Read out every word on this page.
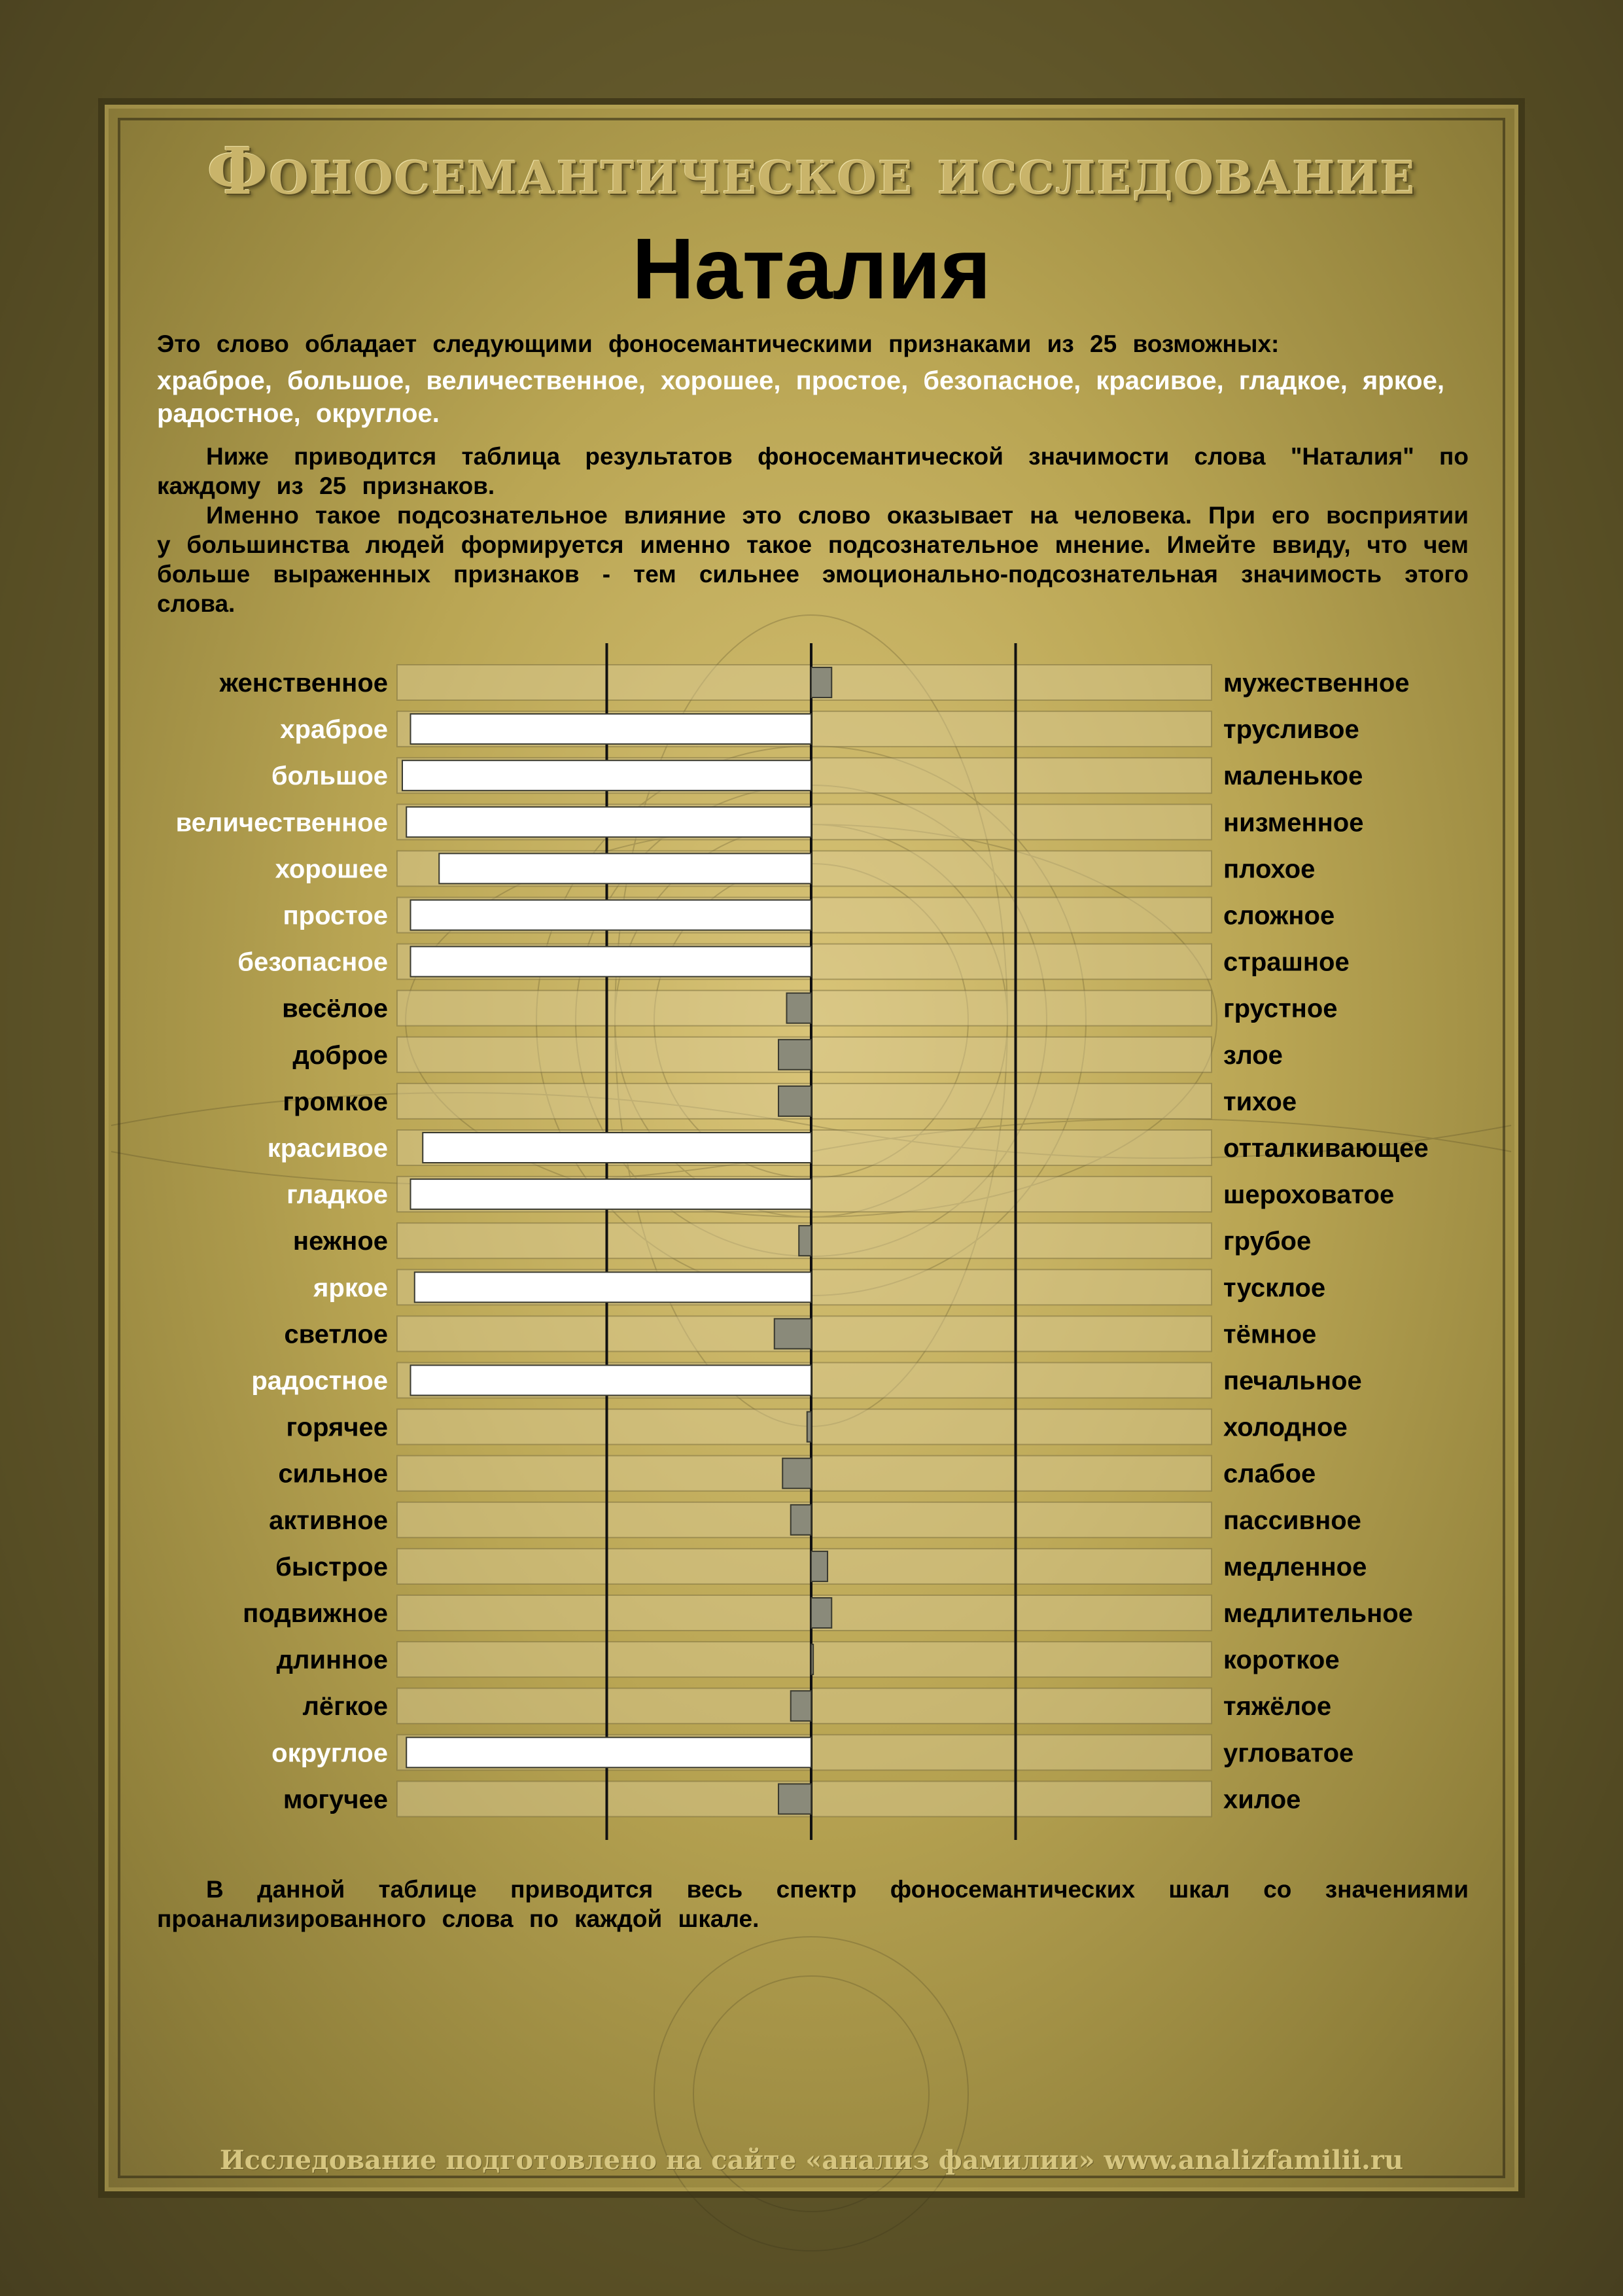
Фоносемантическое исследование
Наталия

Это слово обладает следующими фоносемантическими признаками из 25 возможных:

храброе, большое, величественное, хорошее, простое, безопасное, красивое, гладкое, яркое, радостное, округлое.

Ниже приводится таблица результатов фоносемантической значимости слова "Наталия" по каждому из 25 признаков.

Именно такое подсознательное влияние это слово оказывает на человека. При его восприятии у большинства людей формируется именно такое подсознательное мнение. Имейте ввиду, что чем больше выраженных признаков - тем сильнее эмоционально-подсознательная значимость этого слова.

женственное	мужественное
храброе	трусливое
большое	маленькое
величественное	низменное
хорошее	плохое
простое	сложное
безопасное	страшное
весёлое	грустное
доброе	злое
громкое	тихое
красивое	отталкивающее
гладкое	шероховатое
нежное	грубое
яркое	тусклое
светлое	тёмное
радостное	печальное
горячее	холодное
сильное	слабое
активное	пассивное
быстрое	медленное
подвижное	медлительное
длинное	короткое
лёгкое	тяжёлое
округлое	угловатое
могучее	хилое

В данной таблице приводится весь спектр фоносемантических шкал со значениями проанализированного слова по каждой шкале.

Исследование подготовлено на сайте «анализ фамилии» www.analizfamilii.ru
